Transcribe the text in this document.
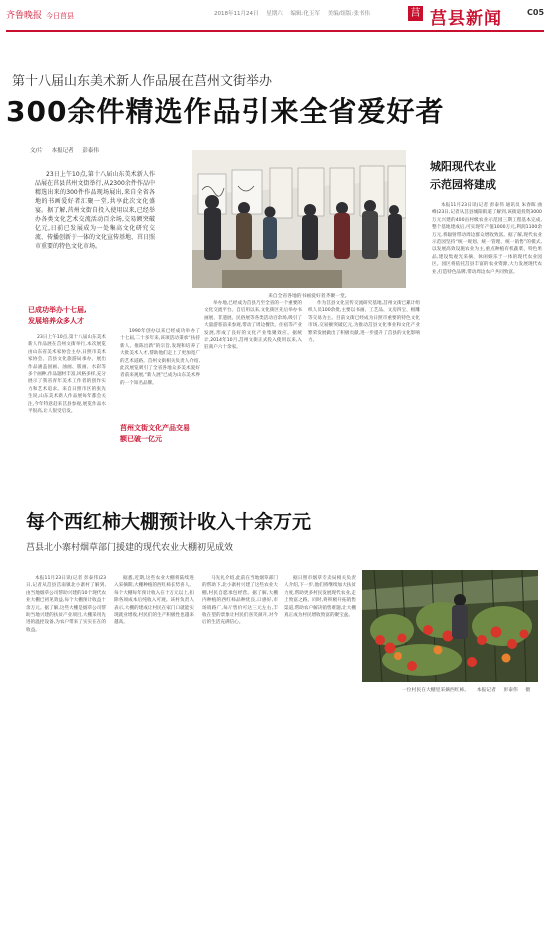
齐鲁晚报 今日莒县	2018年11月24日 星期六 编辑:化玉军 美编/组版:张书伟	莒 莒县新闻	C05
第十八届山东美术新人作品展在莒州文街举办
300余件精选作品引来全省爱好者
文/片 本报记者 彭泰伟

23日上午10点,第十八届山东美术新人作品展在莒县莒州文街举行,从2300余件作品中精选出来的300件作品现场展出,来自全省各地的书画爱好者汇聚一堂,共享此次文化盛宴。据了解,莒州文街自投入使用以来,已经举办各类文化艺术交流活动百余场,交易额突破亿元,日前已发展成为一处集高文化研究交流、传播创新于一体的文化宣传基地、莒日照市重要的特色文化市场。

来自全省各地的书画爱好者齐聚一堂。
城阳现代农业
示范园将建成

本报11月23日讯(记者 彭泰伟 通讯员 朱春晖 曲峰)23日,记者从莒县城阳街道了解到,该街道投资3000万元兴建的400亩村级农业示范园三期工程基本完成,整个基地建成后,可实现年产值1000万元,利润1100余万元,将辐射带动周边群众增收致富。据了解,现代农业示范园坚持“统一规划、统一管理、统一销售”的模式,以发展高效设施农业为主,重点种植有机蔬菜、特色果品,建设集观光采摘、休闲娱乐于一体的现代农业园区。园区将依托莒县丰富的农业资源,大力发展现代农业,打造特色品牌,带动周边农户共同致富。

已成功举办十七届,发展培养众多人才

23日上午10点,第十八届山东美术新人作品展在莒州文街举行,本次展览由山东省美术家协会主办,日照市美术家协会、莒县文化旅游局承办。展出作品涵盖国画、油画、版画、水彩等多个画种,作品题材丰富,风格多样,充分展示了我省青年美术工作者的创作实力和艺术追求。来自日照市区的张先生说,山东美术新人作品展每年都会关注,今年特意赶来莒县参观,展览作品水平很高,让人很受启发。

1990年创办以来已经成功举办了十七届,二十多年来,该项活动秉承“扶持新人、推陈出新”的宗旨,发现和培养了大批美术人才,帮助他们走上了更加宽广的艺术道路。莒州文街相关负责人介绍,此次展览吸引了全省各地众多美术爱好者前来观展,“新人展”已成为山东美术界的一个知名品牌。

莒州文街文化产品交易额已破一亿元

举办地,已经成为莒县乃至全省的一个重要的文化交流平台。自启用以来,文化街区先后举办书画展、非遗展、民俗展等各类活动百余场,吸引了大量游客前来参观,带动了周边餐饮、住宿等产业发展,形成了良好的文化产业集聚效应。据统计,2014年10月,莒州文街正式投入使用以来,入驻商户六十余家。

作为莒县文化宣传交流研究基地,莒州文街已累计组织人员100余批,主要以书画、工艺品、文房四宝、根雕等交易为主。目前文街已经成为日照市重要的特色文化市场,交易额突破亿元,为推动莒县文化事业和文化产业繁荣发展做出了积极贡献,进一步提升了莒县的文化影响力。

每个西红柿大棚预计收入十余万元
莒县北小寨村烟草部门援建的现代农业大棚初见成效

本报11月23日讯(记者 彭泰伟)23日,记者从莒县莒南镇北小寨村了解到,由当地烟草公司帮助兴建的10个现代农业大棚已初见效益,每个大棚预计收益十余万元。据了解,这些大棚是烟草公司帮助当地兴建的扶贫产业项目,大棚采用先进的温控设备,为农户带来了实实在在的收益。

据悉,近期,这些农业大棚将陆续进入采摘期,大棚种植的西红柿长势喜人。每个大棚每年预计收入在十万元以上,扣除各项成本后纯收入可观。该村负责人表示,大棚的建成让村民在家门口就能实现就业增收,村民们的生产积极性也越来越高。

马先礼介绍,此前在当地烟草部门的帮助下,北小寨村兴建了这些农业大棚,村民自愿承包经营。据了解,大棚内种植的西红柿品种优良,口感好,市场销路广,每斤售价可达三元左右,丰收在望的景象让村民们喜笑颜开,对今后的生活充满信心。

据日照市烟草专卖局相关负责人介绍,下一步,他们将继续加大扶贫力度,帮助更多村民发展现代农业,走上致富之路。同时,将积极开拓销售渠道,帮助农户解决销售难题,让大棚真正成为村民增收致富的聚宝盆。

一位村民在大棚里采摘西红柿。 本报记者 彭泰伟 摄
